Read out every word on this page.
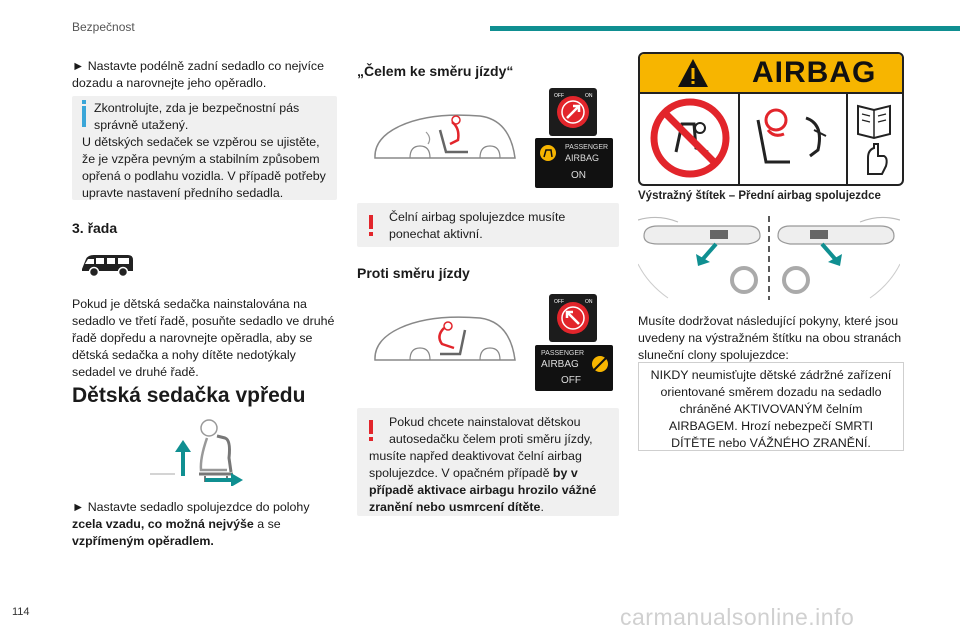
Bezpečnost

► Nastavte podélně zadní sedadlo co nejvíce dozadu a narovnejte jeho opěradlo.

Zkontrolujte, zda je bezpečnostní pás
správně utažený.
U dětských sedaček se vzpěrou se ujistěte, že je vzpěra pevným a stabilním způsobem opřená o podlahu vozidla. V případě potřeby upravte nastavení předního sedadla.
3. řada

Pokud je dětská sedačka nainstalována na sedadlo ve třetí řadě, posuňte sedadlo ve druhé řadě dopředu a narovnejte opěradla, aby se dětská sedačka a nohy dítěte nedotýkaly sedadel ve druhé řadě.

Dětská sedačka vpředu

► Nastavte sedadlo spolujezdce do polohy zcela vzadu, co možná nejvýše a se vzpřímeným opěradlem.

„Čelem ke směru jízdy“
OFF	ON
PASSENGER
AIRBAG
ON
Čelní airbag spolujezdce musíte ponechat aktivní.
Proti směru jízdy
OFF	ON
PASSENGER
AIRBAG
OFF
Pokud chcete nainstalovat dětskou
autosedačku čelem proti směru jízdy,
musíte napřed deaktivovat čelní airbag spolujezdce. V opačném případě by v případě aktivace airbagu hrozilo vážné zranění nebo usmrcení dítěte.
AIRBAG
Výstražný štítek – Přední airbag spolujezdce

Musíte dodržovat následující pokyny, které jsou uvedeny na výstražném štítku na obou stranách sluneční clony spolujezdce:

NIKDY neumisťujte dětské zádržné zařízení orientované směrem dozadu na sedadlo chráněné AKTIVOVANÝM čelním AIRBAGEM. Hrozí nebezpečí SMRTI DÍTĚTE nebo VÁŽNÉHO ZRANĚNÍ.
114	carmanualsonline.info
